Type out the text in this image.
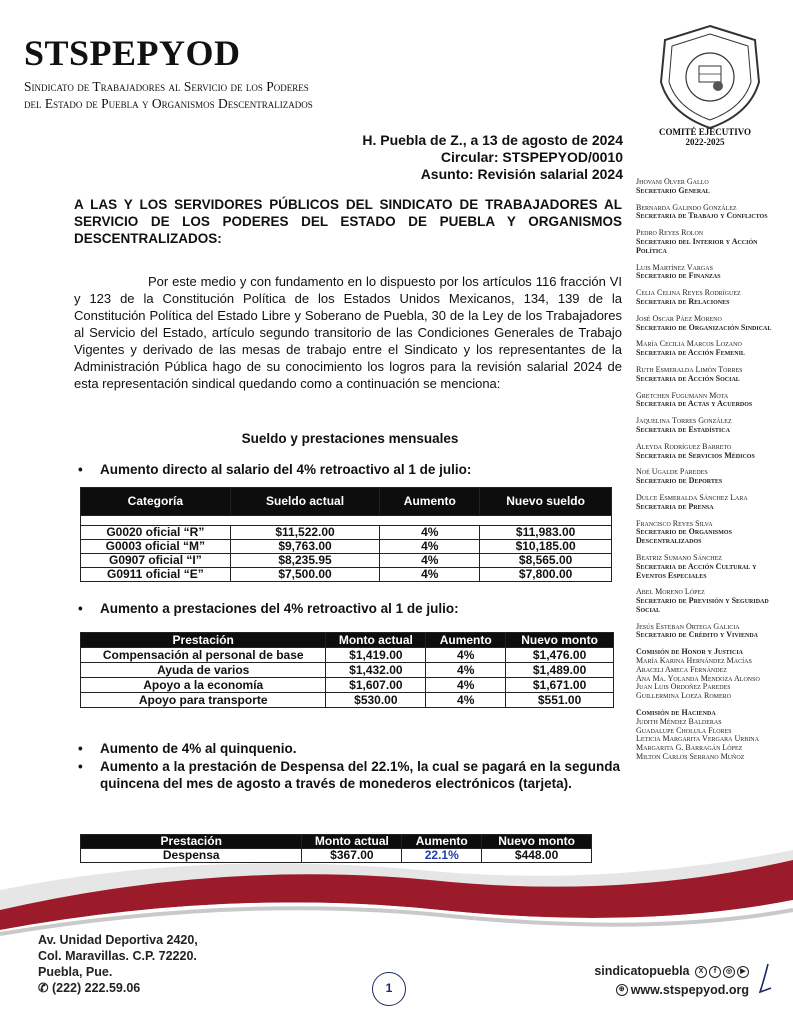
STSPEPYOD
Sindicato de Trabajadores al Servicio de los Poderes
del Estado de Puebla y Organismos Descentralizados
COMITÉ EJECUTIVO
2022-2025
H. Puebla de Z., a 13 de agosto de 2024
Circular: STSPEPYOD/0010
Asunto: Revisión salarial 2024
A LAS Y LOS SERVIDORES PÚBLICOS DEL SINDICATO DE TRABAJADORES AL SERVICIO DE LOS PODERES DEL ESTADO DE PUEBLA Y ORGANISMOS DESCENTRALIZADOS:
Por este medio y con fundamento en lo dispuesto por los artículos 116 fracción VI y 123 de la Constitución Política de los Estados Unidos Mexicanos, 134, 139 de la Constitución Política del Estado Libre y Soberano de Puebla, 30 de la Ley de los Trabajadores al Servicio del Estado, artículo segundo transitorio de las Condiciones Generales de Trabajo Vigentes y derivado de las mesas de trabajo entre el Sindicato y los representantes de la Administración Pública hago de su conocimiento los logros para la revisión salarial 2024 de esta representación sindical quedando como a continuación se menciona:
Sueldo y prestaciones mensuales
• Aumento directo al salario del 4% retroactivo al 1 de julio:
Categoría	Sueldo actual	Aumento	Nuevo sueldo

G0020 oficial “R”	$11,522.00	4%	$11,983.00
G0003 oficial “M”	$9,763.00	4%	$10,185.00
G0907 oficial “I”	$8,235.95	4%	$8,565.00
G0911 oficial “E”	$7,500.00	4%	$7,800.00
• Aumento a prestaciones del 4% retroactivo al 1 de julio:
Prestación	Monto actual	Aumento	Nuevo monto
Compensación al personal de base	$1,419.00	4%	$1,476.00
Ayuda de varios	$1,432.00	4%	$1,489.00
Apoyo a la economía	$1,607.00	4%	$1,671.00
Apoyo para transporte	$530.00	4%	$551.00
• Aumento de 4% al quinquenio.
• Aumento a la prestación de Despensa del 22.1%, la cual se pagará en la segunda quincena del mes de agosto a través de monederos electrónicos (tarjeta).
Prestación	Monto actual	Aumento	Nuevo monto
Despensa	$367.00	22.1%	$448.00
Jhovani Olver Gallo
Secretario General
Bernarda Galindo González
Secretaria de Trabajo y Conflictos
Pedro Reyes Rolon
Secretario del Interior y Acción Política
Luis Martínez Vargas
Secretario de Finanzas
Celia Celina Reyes Rodríguez
Secretaria de Relaciones
José Oscar Páez Moreno
Secretario de Organización Sindical
María Cecilia Marcos Lozano
Secretaria de Acción Femenil
Ruth Esmeralda Limón Torres
Secretaria de Acción Social
Gretchen Fugumann Mota
Secretaria de Actas y Acuerdos
Jaquelina Torres González
Secretaria de Estadística
Aleyda Rodríguez Barreto
Secretaria de Servicios Médicos
Noé Ugalde Paredes
Secretario de Deportes
Dulce Esmeralda Sánchez Lara
Secretaria de Prensa
Francisco Reyes Silva
Secretario de Organismos Descentralizados
Beatriz Sumano Sánchez
Secretaria de Acción Cultural y Eventos Especiales
Abel Moreno López
Secretario de Previsión y Seguridad Social
Jesús Esteban Ortega Galicia
Secretario de Crédito y Vivienda
Comisión de Honor y Justicia
María Karina Hernández Macías
Araceli Ameca Fernández
Ana Ma. Yolanda Mendoza Alonso
Juan Luis Ordoñez Paredes
Guillermina Loeza Romero
Comisión de Hacienda
Judith Méndez Balderas
Guadalupe Cholula Flores
Leticia Margarita Vergara Urbina
Margarita G. Barragán López
Milton Carlos Serrano Muñoz
Av. Unidad Deportiva 2420,
Col. Maravillas. C.P. 72220.
Puebla, Pue.
✆ (222) 222.59.06	1
sindicatopuebla X f ◎ ▶
⊕ www.stspepyod.org
